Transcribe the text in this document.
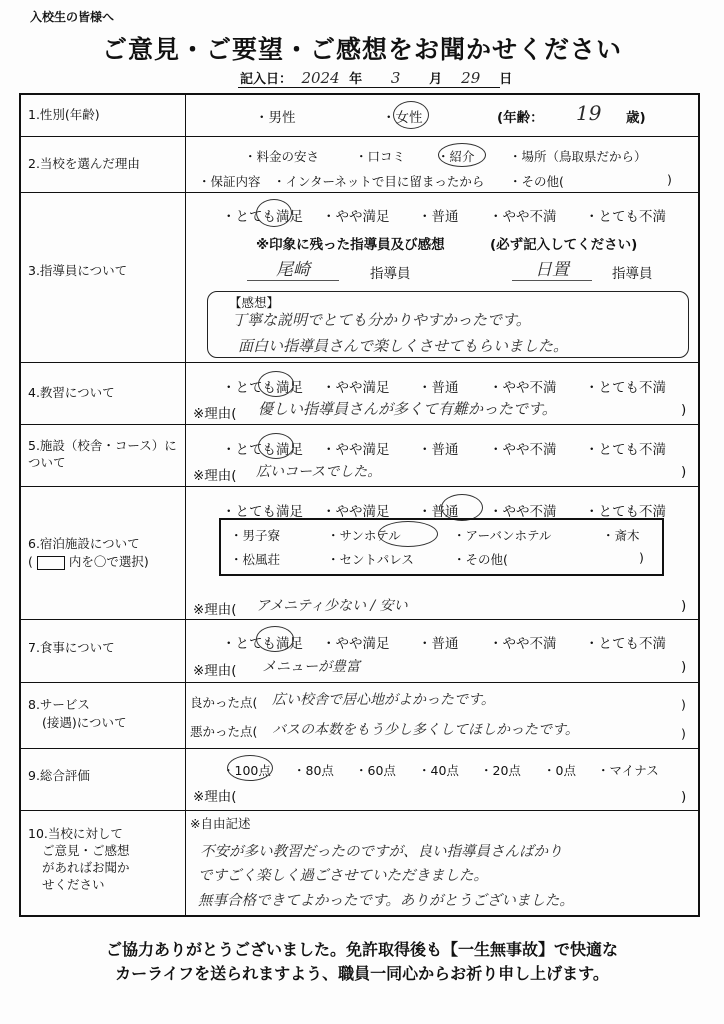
入校生の皆様へ
ご意見・ご要望・ご感想をお聞かせください
記入日： 2024 年 3 月 29 日
1.性別(年齢)	・男性	・女性	(年齢： 19 歳)
2.当校を選んだ理由	・料金の安さ	・口コミ	・紹介	・場所（鳥取県だから）
・保証内容 ・インターネットで目に留まったから ・その他(	)
3.指導員について
・とても満足 ・やや満足 ・普通 ・やや不満 ・とても不満
※印象に残った指導員及び感想	(必ず記入してください)
尾崎	指導員	日置	指導員
【感想】
丁寧な説明でとても分かりやすかったです。
面白い指導員さんで楽しくさせてもらいました。
4.教習について	・とても満足 ・やや満足 ・普通 ・やや不満 ・とても不満
※理由( 優しい指導員さんが多くて有難かったです。	)
5.施設（校舎・コース）について
・とても満足 ・やや満足 ・普通 ・やや不満 ・とても不満
※理由( 広いコースでした。	)
6.宿泊施設について
(	内を〇で選択)
・とても満足 ・やや満足 ・普通 ・やや不満 ・とても不満
・男子寮	・サンホテル	・アーバンホテル	・斎木
・松風荘	・セントパレス	・その他(	)
※理由( アメニティ少ない / 安い	)
7.食事について	・とても満足 ・やや満足 ・普通 ・やや不満 ・とても不満
※理由( メニューが豊富	)
8.サービス
(接遇)について
良かった点( 広い校舎で居心地がよかったです。	)
悪かった点( バスの本数をもう少し多くしてほしかったです。	)
9.総合評価	・100点 ・80点 ・60点 ・40点 ・20点 ・0点 ・マイナス
※理由(	)
10.当校に対して
ご意見・ご感想
があればお聞か
せください
※自由記述
不安が多い教習だったのですが、良い指導員さんばかり
ですごく楽しく過ごさせていただきました。
無事合格できてよかったです。ありがとうございました。
ご協力ありがとうございました。免許取得後も【一生無事故】で快適な
カーライフを送られますよう、職員一同心からお祈り申し上げます。
